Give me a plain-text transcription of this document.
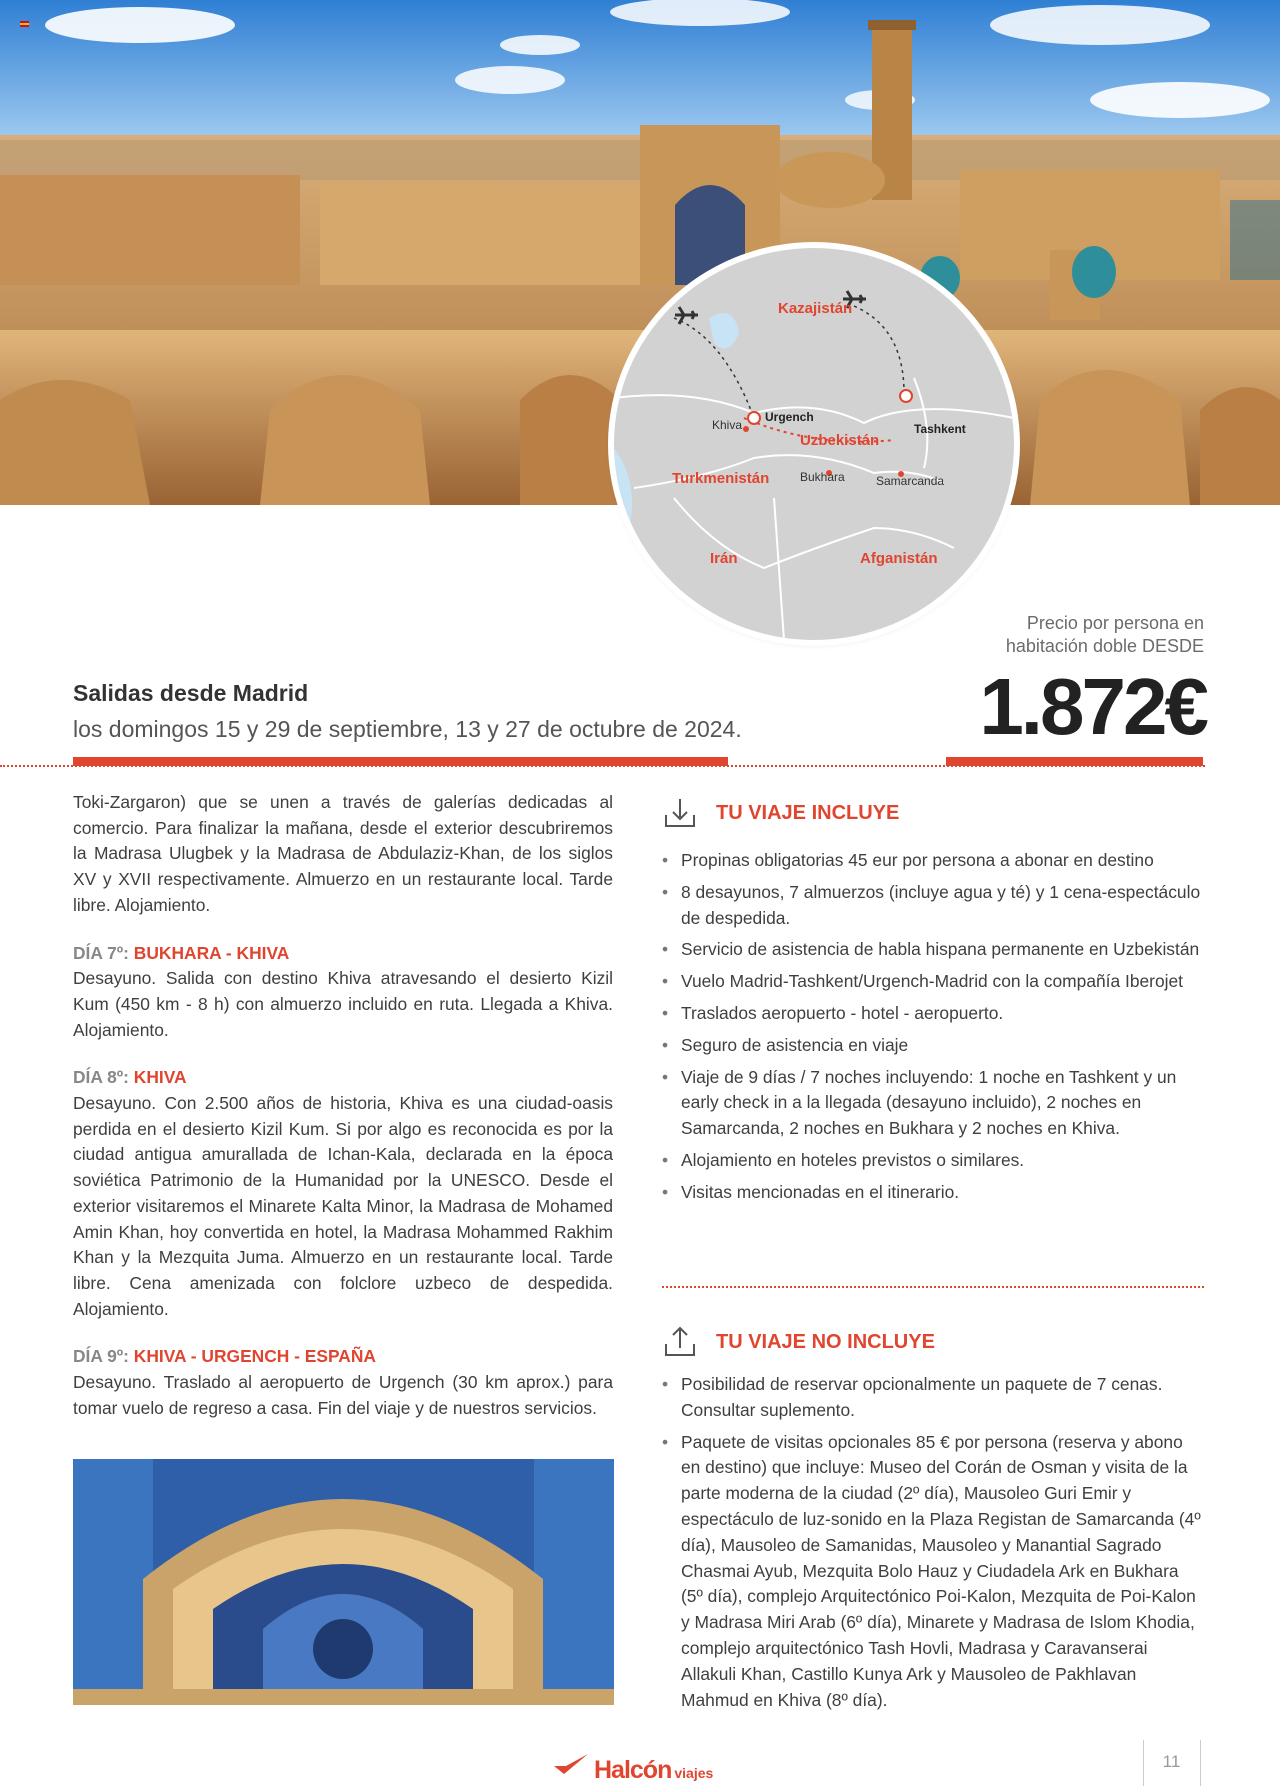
Kazajistán
Uzbekistán
Turkmenistán
Irán	Afganistán
Urgench
Khiva	Tashkent
Bukhara	Samarcanda
Precio por persona en
habitación doble DESDE
1.872€
Salidas desde Madrid
los domingos 15 y 29 de septiembre, 13 y 27 de octubre de 2024.

Toki-Zargaron) que se unen a través de galerías dedicadas al comercio. Para finalizar la mañana, desde el exterior descubriremos la Madrasa Ulugbek y la Madrasa de Abdulaziz-Khan, de los siglos XV y XVII respectivamente. Almuerzo en un restaurante local. Tarde libre. Alojamiento.

DÍA 7º: BUKHARA - KHIVA

Desayuno. Salida con destino Khiva atravesando el desierto Kizil Kum (450 km - 8 h) con almuerzo incluido en ruta. Llegada a Khiva. Alojamiento.

DÍA 8º: KHIVA

Desayuno. Con 2.500 años de historia, Khiva es una ciudad-oasis perdida en el desierto Kizil Kum. Si por algo es reconocida es por la ciudad antigua amurallada de Ichan-Kala, declarada en la época soviética Patrimonio de la Humanidad por la UNESCO. Desde el exterior visitaremos el Minarete Kalta Minor, la Madrasa de Mohamed Amin Khan, hoy convertida en hotel, la Madrasa Mohammed Rakhim Khan y la Mezquita Juma. Almuerzo en un restaurante local. Tarde libre. Cena amenizada con folclore uzbeco de despedida. Alojamiento.

DÍA 9º: KHIVA - URGENCH - ESPAÑA

Desayuno. Traslado al aeropuerto de Urgench (30 km aprox.) para tomar vuelo de regreso a casa. Fin del viaje y de nuestros servicios.

TU VIAJE INCLUYE
• Propinas obligatorias 45 eur por persona a abonar en destino
• 8 desayunos, 7 almuerzos (incluye agua y té) y 1 cena-espectáculo de despedida.
• Servicio de asistencia de habla hispana permanente en Uzbekistán
• Vuelo Madrid-Tashkent/Urgench-Madrid con la compañía Iberojet
• Traslados aeropuerto - hotel - aeropuerto.
• Seguro de asistencia en viaje
• Viaje de 9 días / 7 noches incluyendo: 1 noche en Tashkent y un early check in a la llegada (desayuno incluido), 2 noches en Samarcanda, 2 noches en Bukhara y 2 noches en Khiva.
• Alojamiento en hoteles previstos o similares.
• Visitas mencionadas en el itinerario.
TU VIAJE NO INCLUYE
• Posibilidad de reservar opcionalmente un paquete de 7 cenas. Consultar suplemento.
• Paquete de visitas opcionales 85 € por persona (reserva y abono en destino) que incluye: Museo del Corán de Osman y visita de la parte moderna de la ciudad (2º día), Mausoleo Guri Emir y espectáculo de luz-sonido en la Plaza Registan de Samarcanda (4º día), Mausoleo de Samanidas, Mausoleo y Manantial Sagrado Chasmai Ayub, Mezquita Bolo Hauz y Ciudadela Ark en Bukhara (5º día), complejo Arquitectónico Poi-Kalon, Mezquita de Poi-Kalon y Madrasa Miri Arab (6º día), Minarete y Madrasa de Islom Khodia, complejo arquitectónico Tash Hovli, Madrasa y Caravanserai Allakuli Khan, Castillo Kunya Ark y Mausoleo de Pakhlavan Mahmud en Khiva (8º día).
Halcón viajes
11
